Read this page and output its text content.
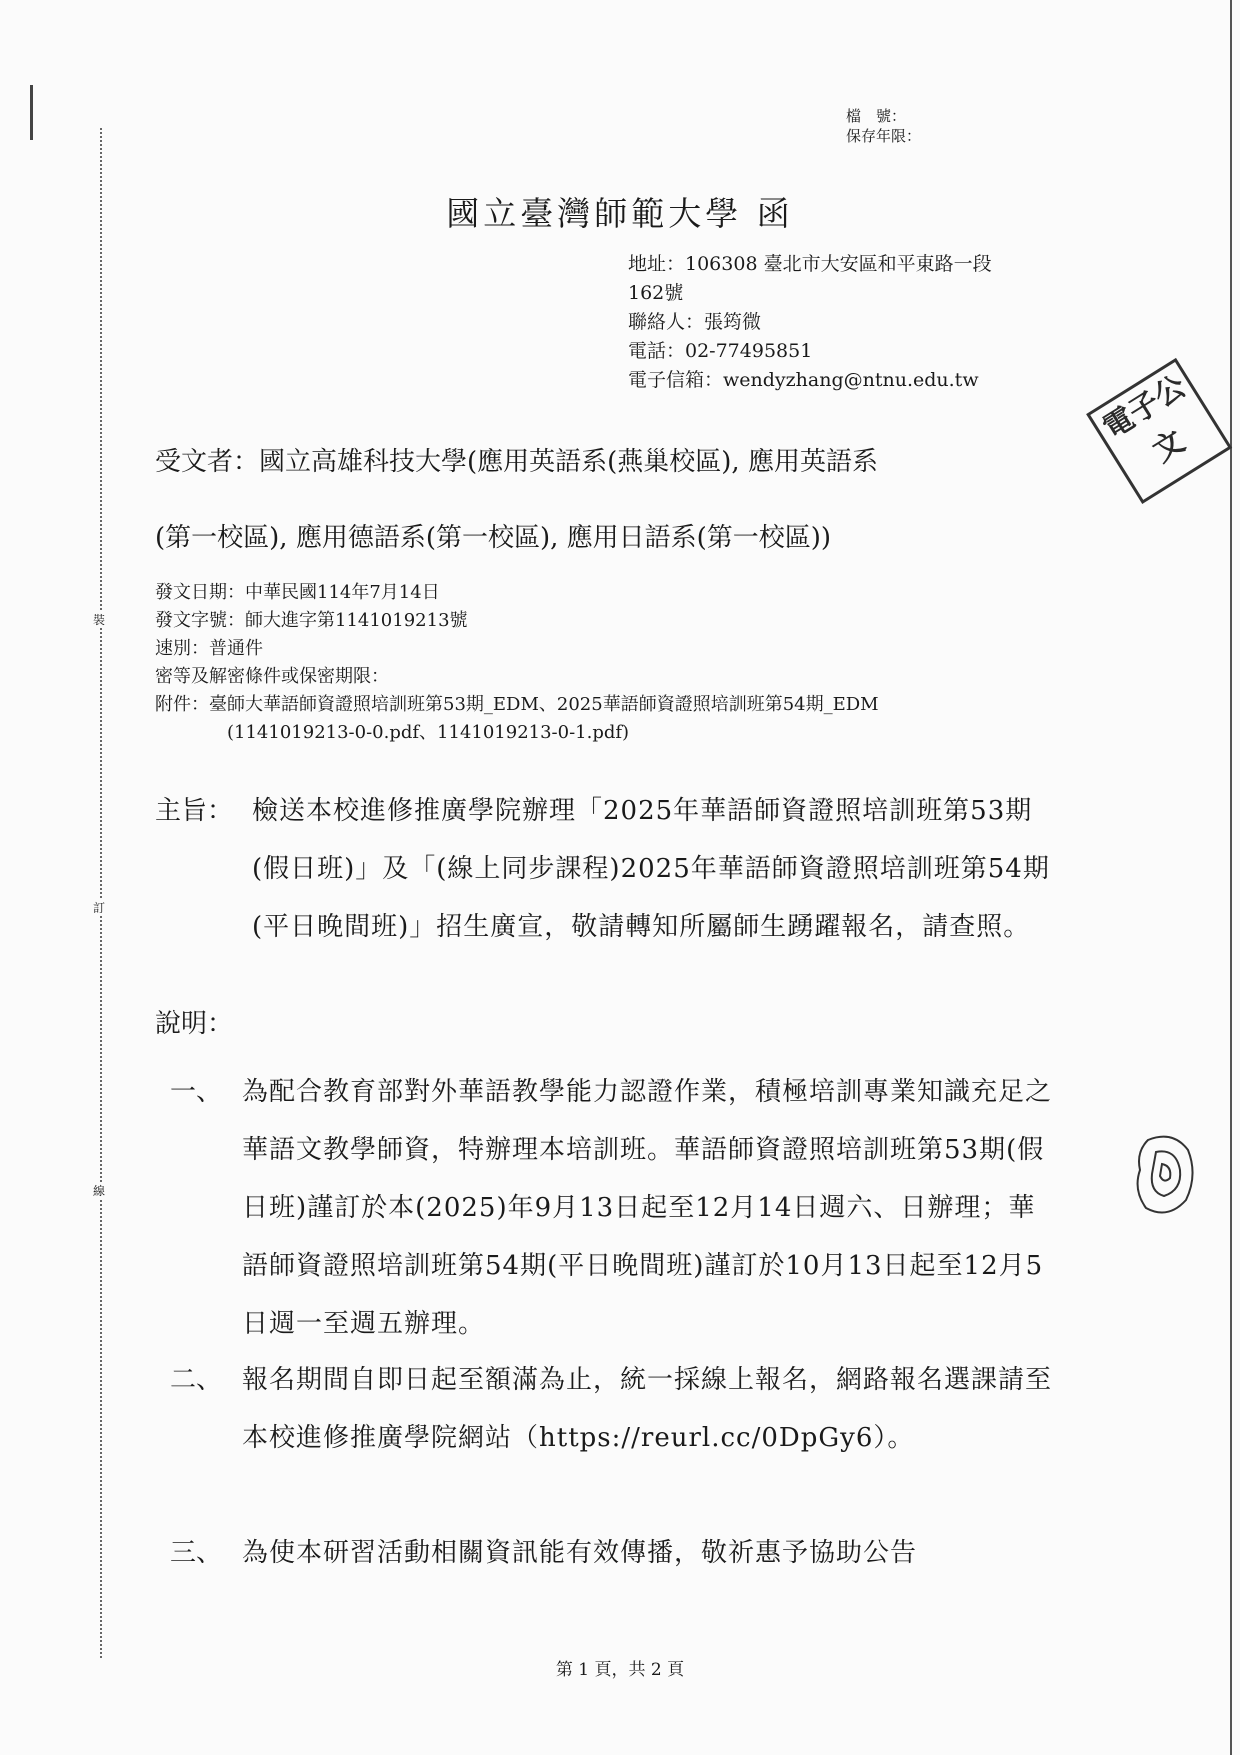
裝
訂
線
檔　號：
保存年限：
國立臺灣師範大學 函
地址：106308 臺北市大安區和平東路一段
162號
聯絡人：張筠微
電話：02-77495851
電子信箱：wendyzhang@ntnu.edu.tw	電子公文
受文者：國立高雄科技大學(應用英語系(燕巢校區), 應用英語系
(第一校區), 應用德語系(第一校區), 應用日語系(第一校區))
發文日期：中華民國114年7月14日
發文字號：師大進字第1141019213號
速別：普通件
密等及解密條件或保密期限：
附件：臺師大華語師資證照培訓班第53期_EDM、2025華語師資證照培訓班第54期_EDM
(1141019213-0-0.pdf、1141019213-0-1.pdf)
主旨： 檢送本校進修推廣學院辦理「2025年華語師資證照培訓班第53期(假日班)」及「(線上同步課程)2025年華語師資證照培訓班第54期(平日晚間班)」招生廣宣，敬請轉知所屬師生踴躍報名，請查照。
說明：
一、 為配合教育部對外華語教學能力認證作業，積極培訓專業知識充足之華語文教學師資，特辦理本培訓班。華語師資證照培訓班第53期(假日班)謹訂於本(2025)年9月13日起至12月14日週六、日辦理；華語師資證照培訓班第54期(平日晚間班)謹訂於10月13日起至12月5日週一至週五辦理。
二、 報名期間自即日起至額滿為止，統一採線上報名，網路報名選課請至本校進修推廣學院網站（https://reurl.cc/0DpGy6）。
三、 為使本研習活動相關資訊能有效傳播，敬祈惠予協助公告
第 1 頁，共 2 頁
